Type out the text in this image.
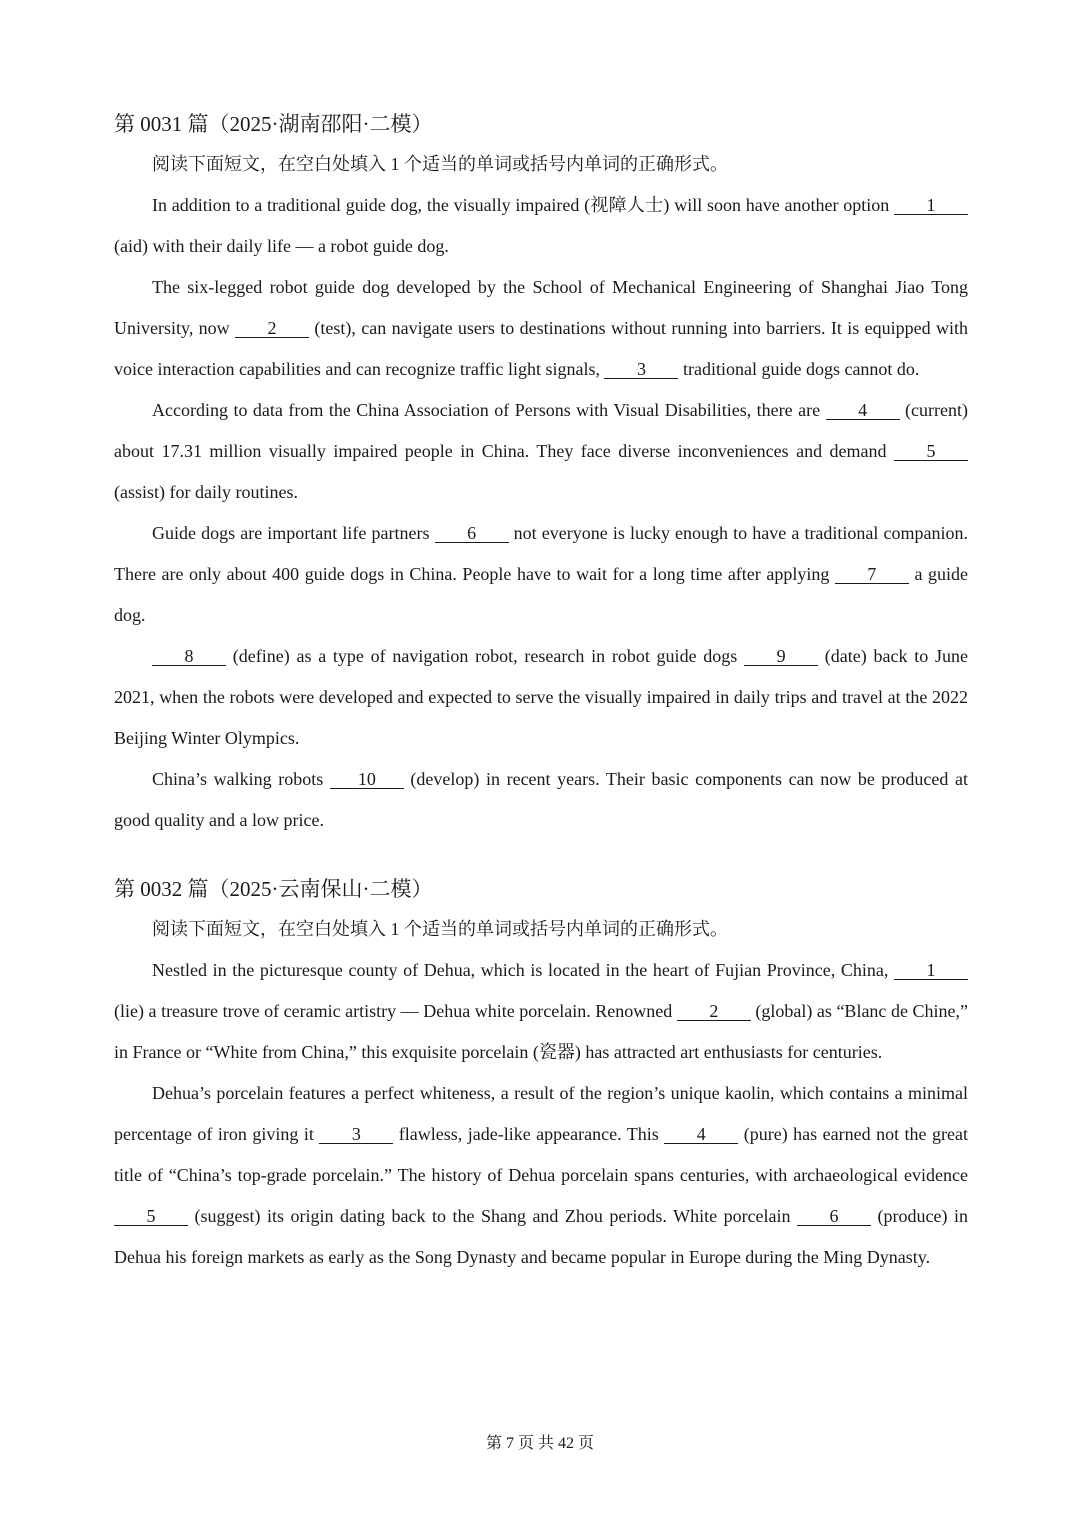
第 0031 篇（2025·湖南邵阳·二模）

阅读下面短文，在空白处填入 1 个适当的单词或括号内单词的正确形式。

In addition to a traditional guide dog, the visually impaired (视障人士) will soon have another option 1 (aid) with their daily life — a robot guide dog.

The six-legged robot guide dog developed by the School of Mechanical Engineering of Shanghai Jiao Tong University, now 2 (test), can navigate users to destinations without running into barriers. It is equipped with voice interaction capabilities and can recognize traffic light signals, 3 traditional guide dogs cannot do.

According to data from the China Association of Persons with Visual Disabilities, there are 4 (current) about 17.31 million visually impaired people in China. They face diverse inconveniences and demand 5 (assist) for daily routines.

Guide dogs are important life partners 6 not everyone is lucky enough to have a traditional companion. There are only about 400 guide dogs in China. People have to wait for a long time after applying 7 a guide dog.

8 (define) as a type of navigation robot, research in robot guide dogs 9 (date) back to June 2021, when the robots were developed and expected to serve the visually impaired in daily trips and travel at the 2022 Beijing Winter Olympics.

China’s walking robots 10 (develop) in recent years. Their basic components can now be produced at good quality and a low price.

第 0032 篇（2025·云南保山·二模）

阅读下面短文，在空白处填入 1 个适当的单词或括号内单词的正确形式。

Nestled in the picturesque county of Dehua, which is located in the heart of Fujian Province, China, 1 (lie) a treasure trove of ceramic artistry — Dehua white porcelain. Renowned 2 (global) as “Blanc de Chine,” in France or “White from China,” this exquisite porcelain (瓷器) has attracted art enthusiasts for centuries.

Dehua’s porcelain features a perfect whiteness, a result of the region’s unique kaolin, which contains a minimal percentage of iron giving it 3 flawless, jade-like appearance. This 4 (pure) has earned not the great title of “China’s top-grade porcelain.” The history of Dehua porcelain spans centuries, with archaeological evidence 5 (suggest) its origin dating back to the Shang and Zhou periods. White porcelain 6 (produce) in Dehua his foreign markets as early as the Song Dynasty and became popular in Europe during the Ming Dynasty.

第 7 页 共 42 页
